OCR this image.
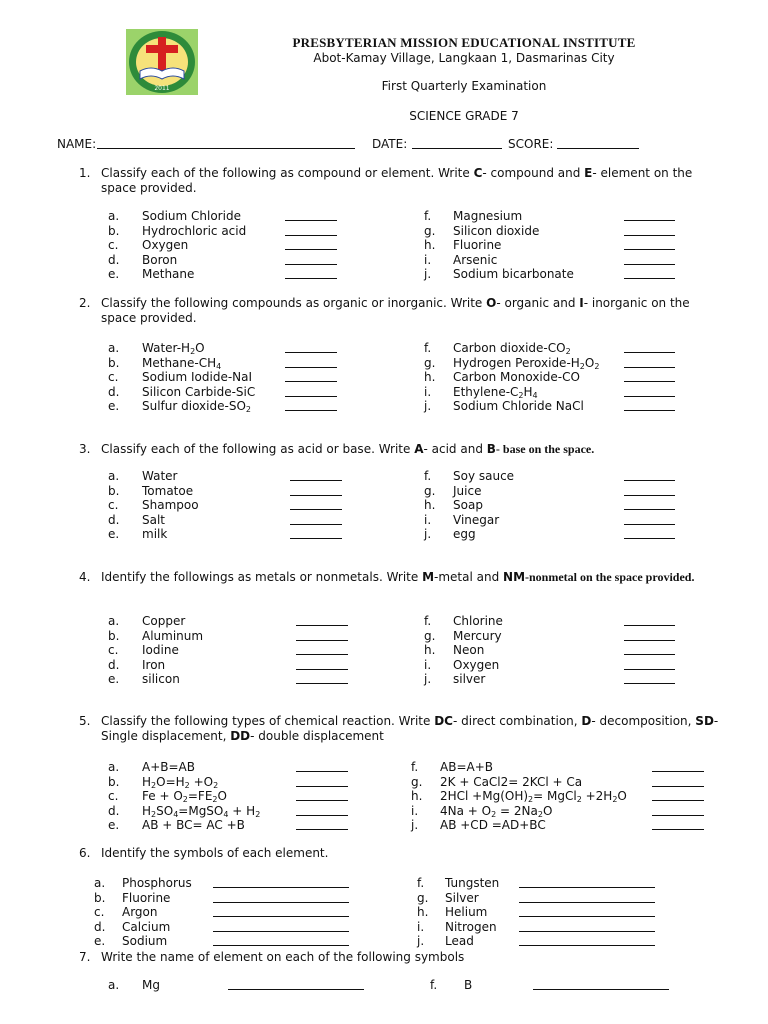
2011
PRESBYTERIAN MISSION EDUCATIONAL INSTITUTE
Abot-Kamay Village, Langkaan 1, Dasmarinas City
First Quarterly Examination
SCIENCE GRADE 7
NAME:	DATE:	SCORE:
1. Classify each of the following as compound or element. Write C- compound and E- element on the space provided.
a. Sodium Chloride
b. Hydrochloric acid
c. Oxygen
d. Boron
e. Methane
f. Magnesium
g. Silicon dioxide
h. Fluorine
i. Arsenic
j. Sodium bicarbonate
2. Classify the following compounds as organic or inorganic. Write O- organic and I- inorganic on the space provided.
a. Water-$H_2O$
b. Methane-$CH_4$
c. Sodium Iodide-NaI
d. Silicon Carbide-SiC
e. Sulfur dioxide-$SO_2$
f. Carbon dioxide-$CO_2$
g. Hydrogen Peroxide-$H_2O_2$
h. Carbon Monoxide-CO
i. Ethylene-$C_2H_4$
j. Sodium Chloride NaCl
3. Classify each of the following as acid or base. Write A- acid and B- base on the space.
a. Water
b. Tomatoe
c. Shampoo
d. Salt
e. milk
f. Soy sauce
g. Juice
h. Soap
i. Vinegar
j. egg
4. Identify the followings as metals or nonmetals. Write M-metal and NM-nonmetal on the space provided.
a. Copper
b. Aluminum
c. Iodine
d. Iron
e. silicon
f. Chlorine
g. Mercury
h. Neon
i. Oxygen
j. silver
5. Classify the following types of chemical reaction. Write DC- direct combination, D- decomposition, SD- Single displacement, DD- double displacement
a. A+B=AB
b. $H_2O=H_2 +O_2$
c. $Fe + O_2=FE_2O$
d. $H_2SO_4=MgSO_4 + H_2$
e. AB + BC= AC +B
f. AB=A+B
g. 2K + CaCl2= 2KCl + Ca
h. $2HCl +Mg(OH)_2=$ MgCl$_2$ $+2H_2O$
i. $4Na + O_2 = 2Na_2O$
j. AB +CD =AD+BC
6. Identify the symbols of each element.
a. Phosphorus
b. Fluorine
c. Argon
d. Calcium
e. Sodium
f. Tungsten
g. Silver
h. Helium
i. Nitrogen
j. Lead
7. Write the name of element on each of the following symbols
a. Mg	f. B
